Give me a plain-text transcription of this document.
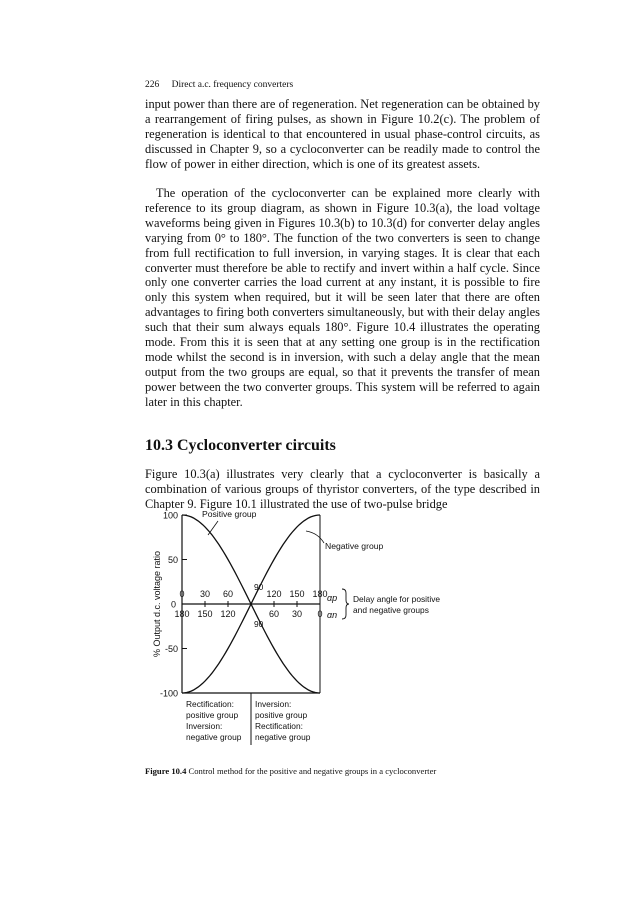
226 Direct a.c. frequency converters

input power than there are of regeneration. Net regeneration can be obtained by a rearrangement of firing pulses, as shown in Figure 10.2(c). The problem of regeneration is identical to that encountered in usual phase-control circuits, as discussed in Chapter 9, so a cycloconverter can be readily made to control the flow of power in either direction, which is one of its greatest assets.

The operation of the cycloconverter can be explained more clearly with reference to its group diagram, as shown in Figure 10.3(a), the load voltage waveforms being given in Figures 10.3(b) to 10.3(d) for converter delay angles varying from 0° to 180°. The function of the two converters is seen to change from full rectification to full inversion, in varying stages. It is clear that each converter must therefore be able to rectify and invert within a half cycle. Since only one converter carries the load current at any instant, it is possible to fire only this system when required, but it will be seen later that there are often advantages to firing both converters simultaneously, but with their delay angles such that their sum always equals 180°. Figure 10.4 illustrates the operating mode. From this it is seen that at any setting one group is in the rectification mode whilst the second is in inversion, with such a delay angle that the mean output from the two groups are equal, so that it prevents the transfer of mean power between the two converter groups. This system will be referred to again later in this chapter.

10.3 Cycloconverter circuits

Figure 10.3(a) illustrates very clearly that a cycloconverter is basically a combination of various groups of thyristor converters, of the type described in Chapter 9. Figure 10.1 illustrated the use of two-pulse bridge

% Output d.c. voltage ratio
Positive group
Negative group
100
50
-50
-100
0
0
180
30
150
60
120
120
60
150
30
180
0
90
90
αp
αn
Delay angle for positive
and negative groups
Rectification:
positive group
Inversion:
negative group
Inversion:
positive group
Rectification:
negative group
Figure 10.4 Control method for the positive and negative groups in a cycloconverter
